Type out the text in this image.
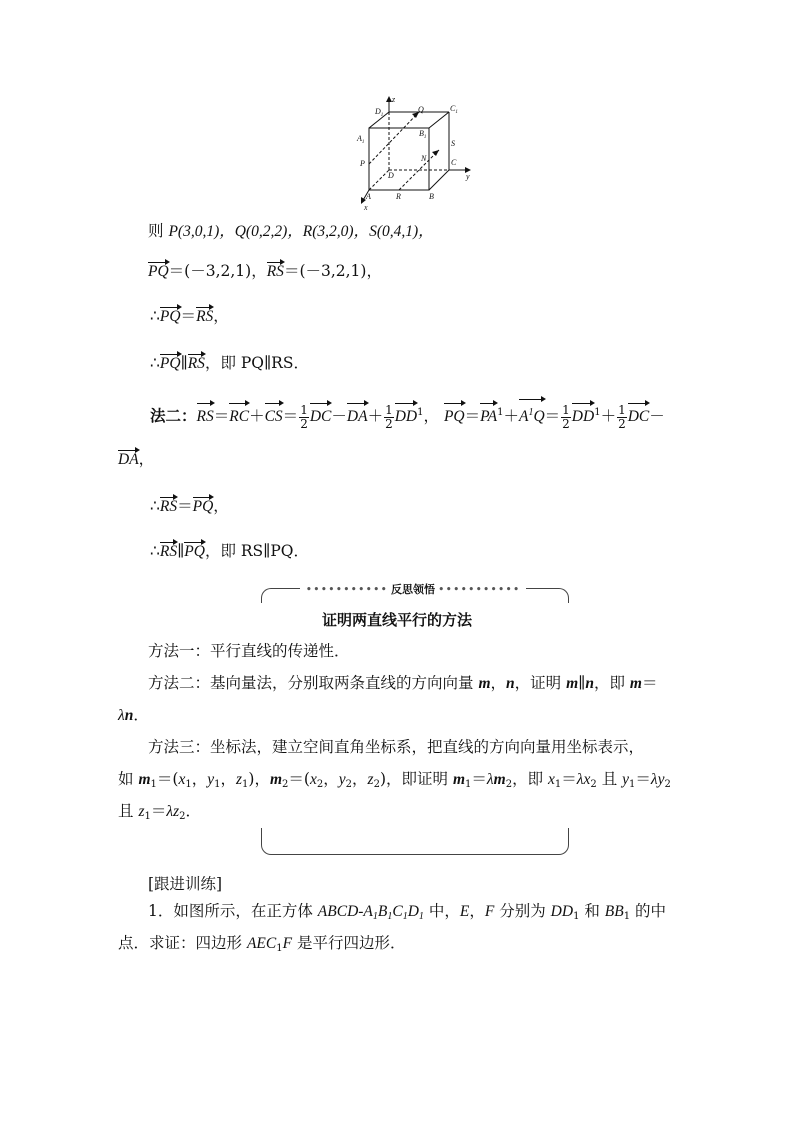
z
y
x
$D_1$
Q	$C_1$
$A_1$
$B_1$
S
P
N	C
D
A	R	B
则 P(3,0,1)，Q(0,2,2)，R(3,2,0)，S(0,4,1)，
PQ＝(－3,2,1)，RS＝(－3,2,1)，
∴PQ＝RS，
∴PQ∥RS，即 PQ∥RS．
法二：$RS=RC+CS= \frac{1}{2} DC-DA+ \frac{1}{2} DD^1$， $PQ=PA^1+A^1Q= \frac{1}{2} DD^1+ \frac{1}{2} DC-$
DA，
∴RS＝PQ，
∴RS∥PQ，即 RS∥PQ．
••••••••••• 反思领悟 •••••••••••
证明两直线平行的方法
方法一：平行直线的传递性．
方法二：基向量法，分别取两条直线的方向向量 m，n，证明 m∥n，即 m＝
λn．
方法三：坐标法，建立空间直角坐标系，把直线的方向向量用坐标表示，
如 $m_1=(x_1$，$y_1$，$z_1$)，$m_2=(x_2$，$y_2$，$z_2$)，即证明 $m_1=\lambda m_2$，即 $x_1=\lambda x_2$ 且 $y_1=\lambda y_2$
且 $z_1=\lambda z_2$．
[跟进训练]
1．如图所示，在正方体 ABCD-$A_1B_1C_1D_1$ 中，E，F 分别为 $DD_1$ 和 $BB_1$ 的中
点．求证：四边形 $AEC_1F$ 是平行四边形．
